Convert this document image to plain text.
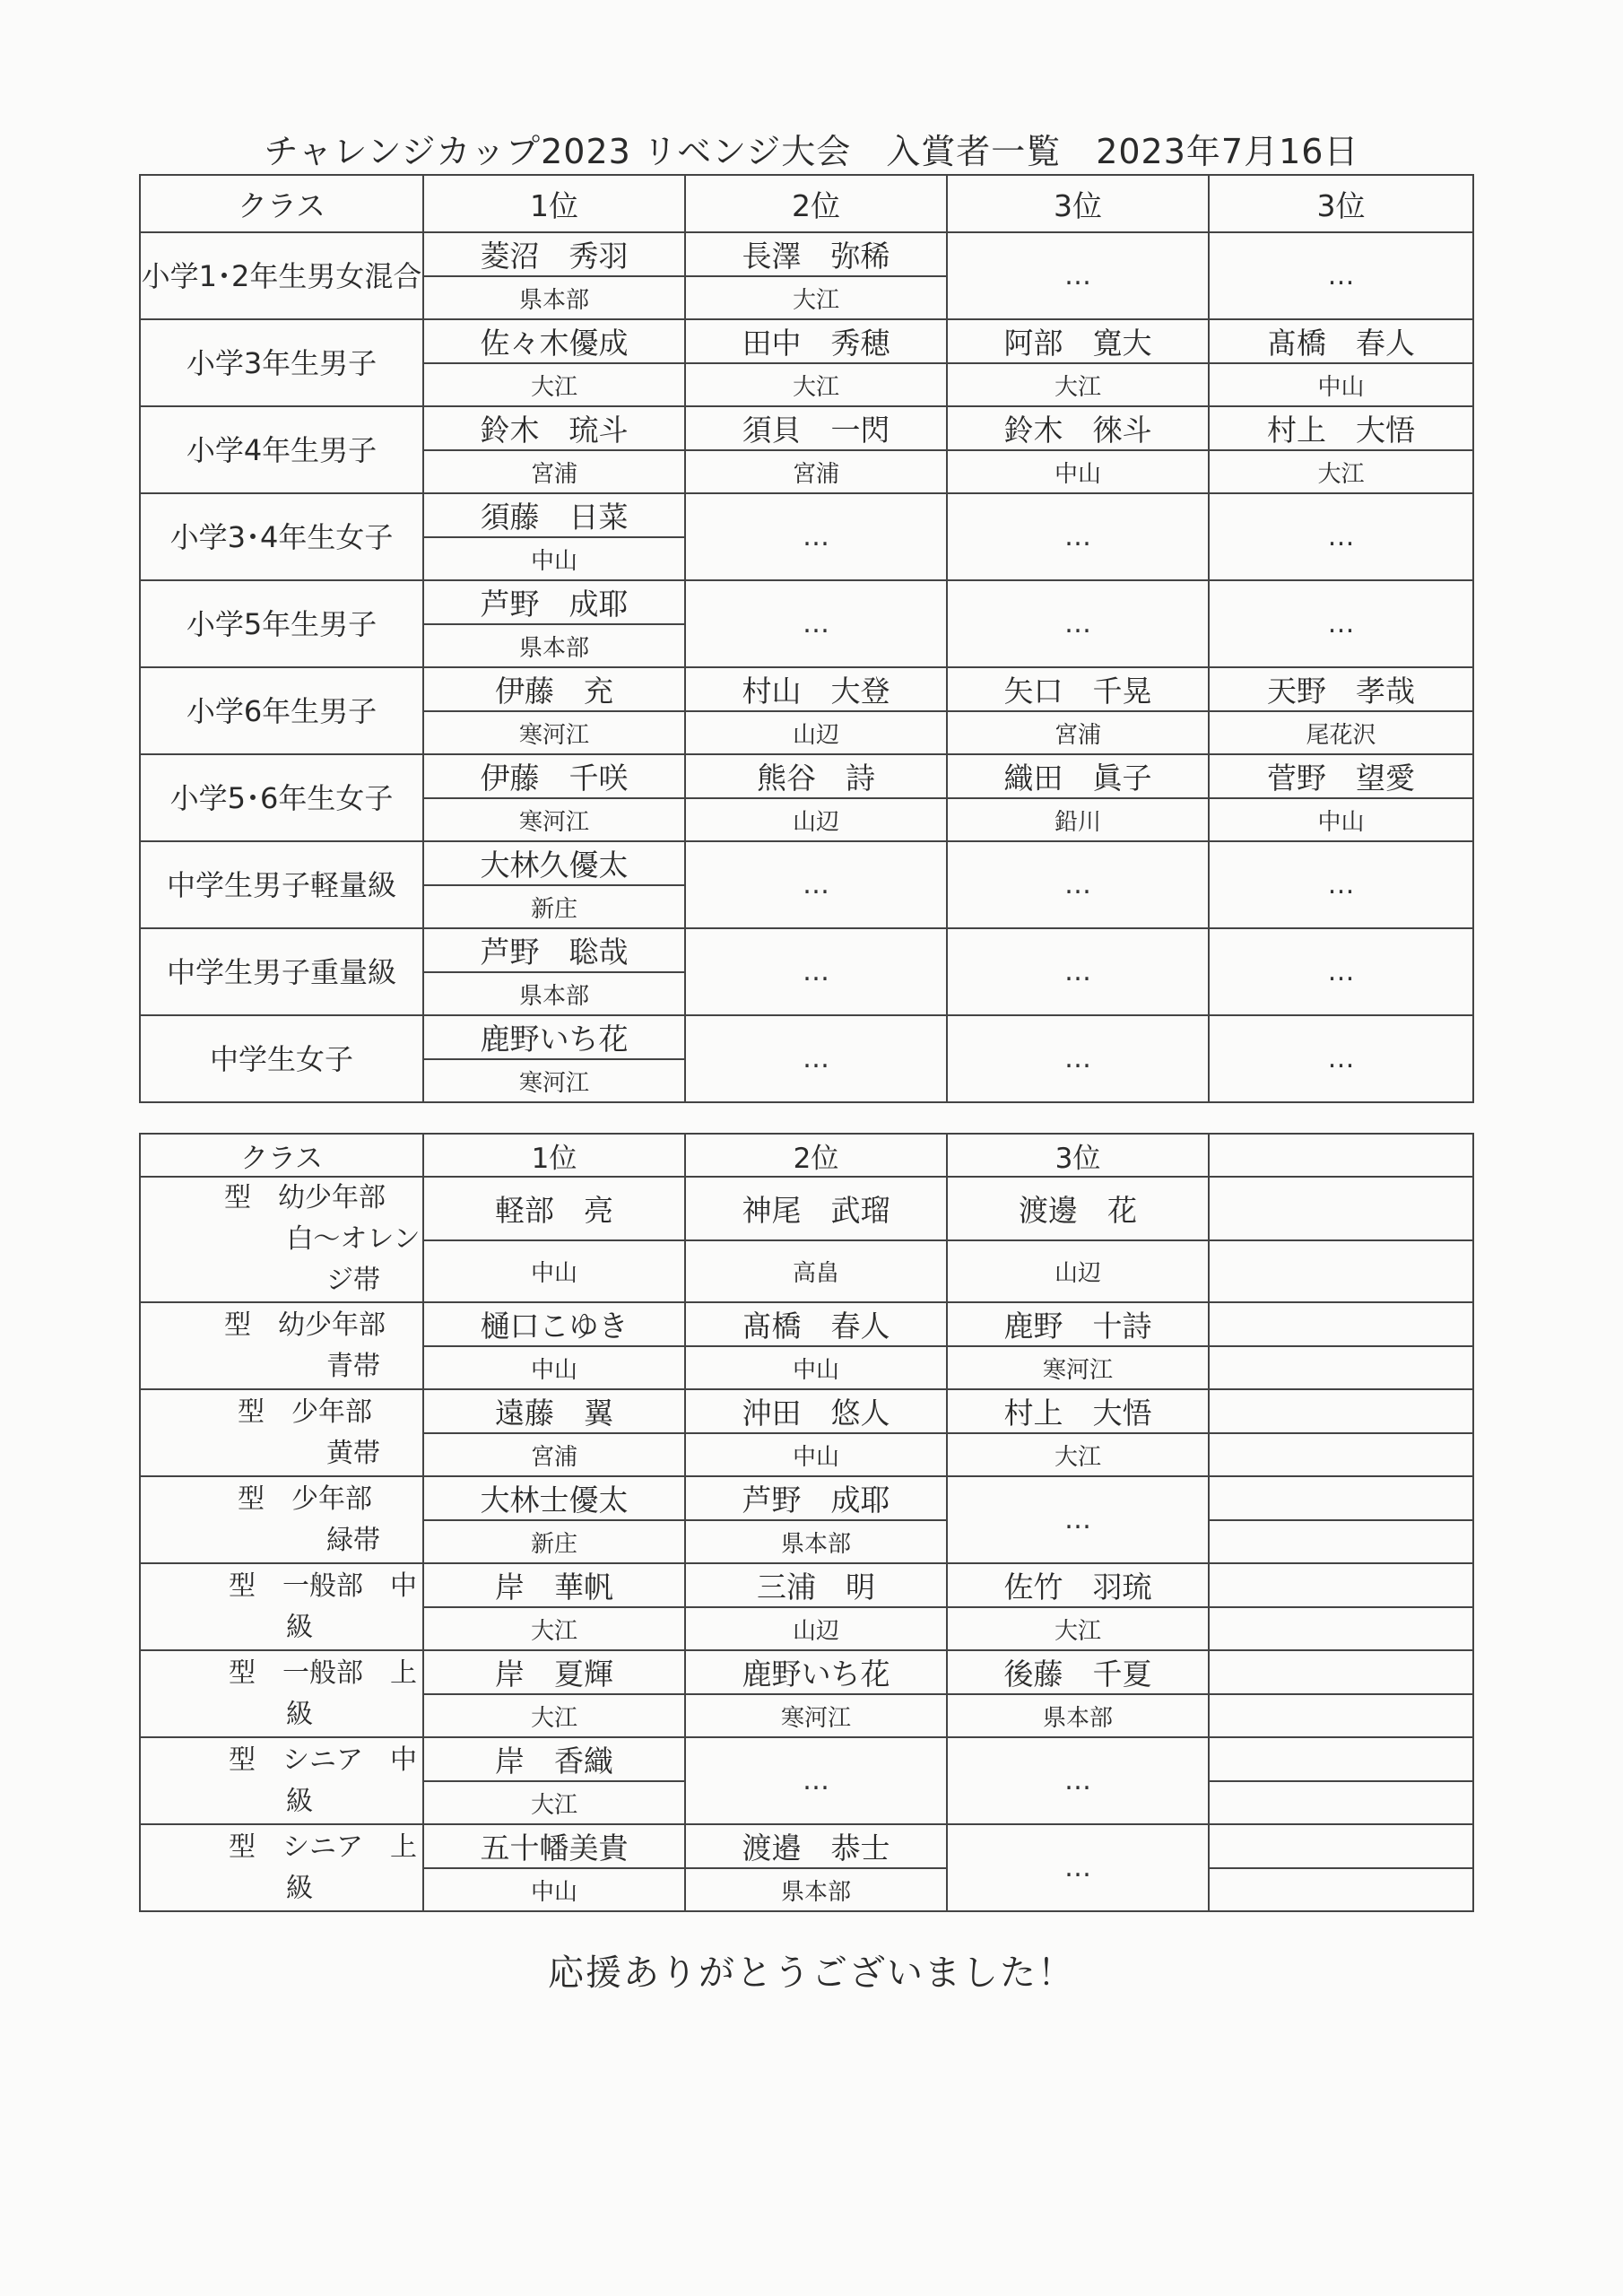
チャレンジカップ2023 リベンジ大会　入賞者一覧　2023年7月16日
クラス	1位	2位	3位	3位
小学1･2年生男女混合	菱沼　秀羽	長澤　弥稀	…	…
	県本部	大江		
小学3年生男子	佐々木優成	田中　秀穂	阿部　寛大	髙橋　春人
	大江	大江	大江	中山
小学4年生男子	鈴木　琉斗	須貝　一閃	鈴木　徠斗	村上　大悟
	宮浦	宮浦	中山	大江
小学3･4年生女子	須藤　日菜	…	…	…
	中山			
小学5年生男子	芦野　成耶	…	…	…
	県本部			
小学6年生男子	伊藤　充	村山　大登	矢口　千晃	天野　孝哉
	寒河江	山辺	宮浦	尾花沢
小学5･6年生女子	伊藤　千咲	熊谷　詩	織田　眞子	菅野　望愛
	寒河江	山辺	鉛川	中山
中学生男子軽量級	大林久優太	…	…	…
	新庄			
中学生男子重量級	芦野　聡哉	…	…	…
	県本部			
中学生女子	鹿野いち花	…	…	…
	寒河江			
クラス	1位	2位	3位	

型　幼少年部
白～オレンジ帯	軽部　亮	神尾　武瑠	渡邊　花	
	中山	高畠	山辺	

型　幼少年部
青帯	樋口こゆき	髙橋　春人	鹿野　十詩	
	中山	中山	寒河江	

型　少年部
黄帯	遠藤　翼	沖田　悠人	村上　大悟	
	宮浦	中山	大江	

型　少年部
緑帯	大林士優太	芦野　成耶	…	
	新庄	県本部		
型　一般部　中級	岸　華帆	三浦　明	佐竹　羽琉	
	大江	山辺	大江	
型　一般部　上級	岸　夏輝	鹿野いち花	後藤　千夏	
	大江	寒河江	県本部	
型　シニア　中級	岸　香織	…	…	
	大江			
型　シニア　上級	五十幡美貴	渡邉　恭士	…	
	中山	県本部		
応援ありがとうございました！
